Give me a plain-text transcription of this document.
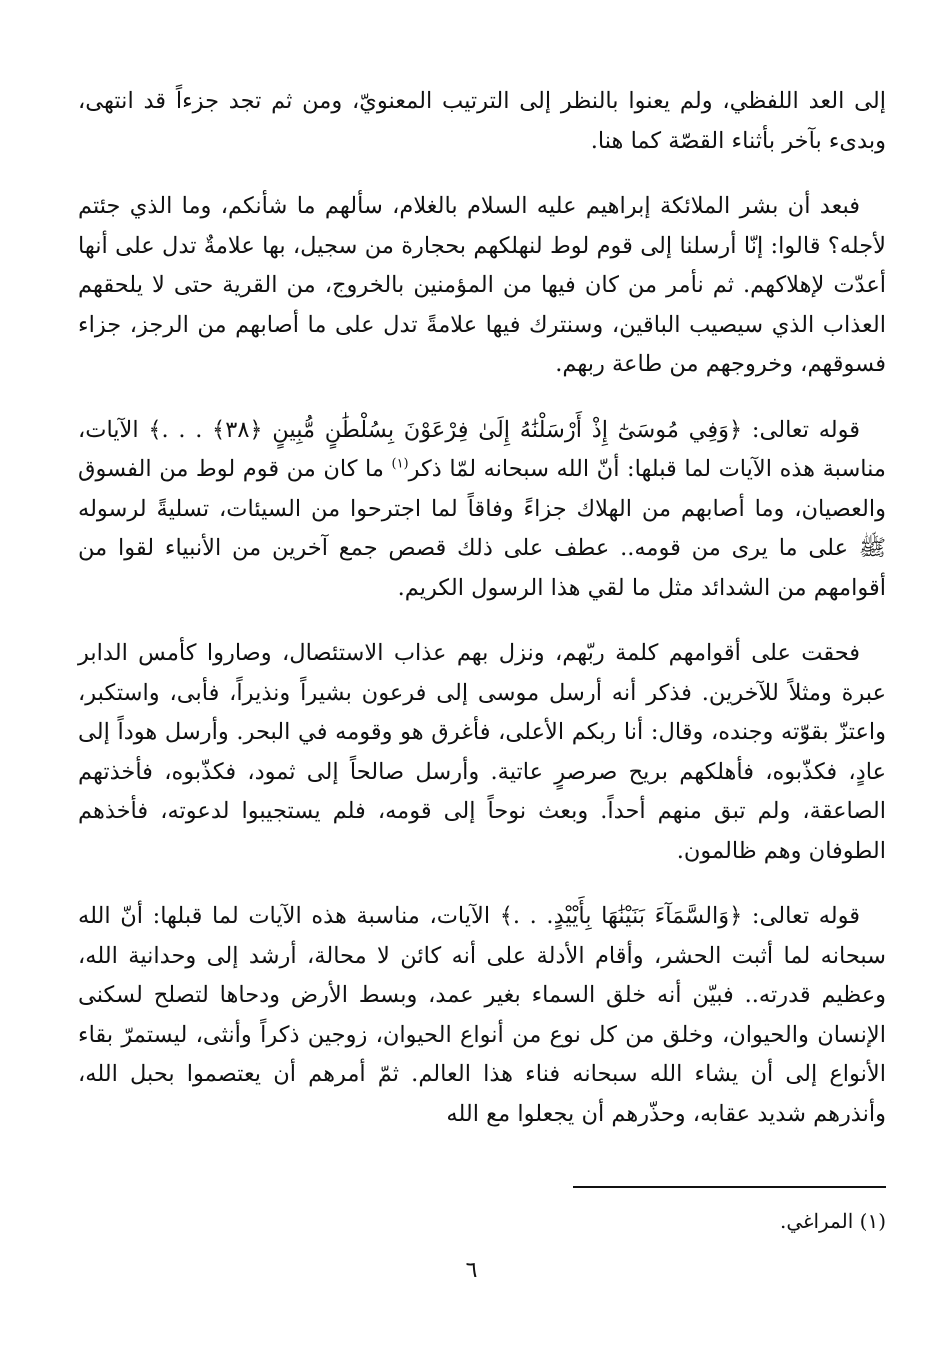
إلى العد اللفظي، ولم يعنوا بالنظر إلى الترتيب المعنويّ، ومن ثم تجد جزءاً قد انتهى، وبدىء بآخر بأثناء القصّة كما هنا.

فبعد أن بشر الملائكة إبراهيم عليه السلام بالغلام، سألهم ما شأنكم، وما الذي جئتم لأجله؟ قالوا: إنّا أرسلنا إلى قوم لوط لنهلكهم بحجارة من سجيل، بها علامةٌ تدل على أنها أعدّت لإهلاكهم. ثم نأمر من كان فيها من المؤمنين بالخروج، من القرية حتى لا يلحقهم العذاب الذي سيصيب الباقين، وسنترك فيها علامةً تدل على ما أصابهم من الرجز، جزاء فسوقهم، وخروجهم من طاعة ربهم.

قوله تعالى: ﴿وَفِي مُوسَىٰٓ إِذْ أَرْسَلْنَٰهُ إِلَىٰ فِرْعَوْنَ بِسُلْطَٰنٍ مُّبِينٍ ﴿٣٨﴾ . . .﴾ الآيات، مناسبة هذه الآيات لما قبلها: أنّ الله سبحانه لمّا ذكر$^{(١)}$ ما كان من قوم لوط من الفسوق والعصيان، وما أصابهم من الهلاك جزاءً وفاقاً لما اجترحوا من السيئات، تسليةً لرسوله ﷺ على ما يرى من قومه.. عطف على ذلك قصص جمع آخرين من الأنبياء لقوا من أقوامهم من الشدائد مثل ما لقي هذا الرسول الكريم.

فحقت على أقوامهم كلمة ربّهم، ونزل بهم عذاب الاستئصال، وصاروا كأمس الدابر عبرة ومثلاً للآخرين. فذكر أنه أرسل موسى إلى فرعون بشيراً ونذيراً، فأبى، واستكبر، واعتزّ بقوّته وجنده، وقال: أنا ربكم الأعلى، فأغرق هو وقومه في البحر. وأرسل هوداً إلى عادٍ، فكذّبوه، فأهلكهم بريح صرصرٍ عاتية. وأرسل صالحاً إلى ثمود، فكذّبوه، فأخذتهم الصاعقة، ولم تبق منهم أحداً. وبعث نوحاً إلى قومه، فلم يستجيبوا لدعوته، فأخذهم الطوفان وهم ظالمون.

قوله تعالى: ﴿وَالسَّمَآءَ بَنَيْنَٰهَا بِأَيْيْدٍ. . .﴾ الآيات، مناسبة هذه الآيات لما قبلها: أنّ الله سبحانه لما أثبت الحشر، وأقام الأدلة على أنه كائن لا محالة، أرشد إلى وحدانية الله، وعظيم قدرته.. فبيّن أنه خلق السماء بغير عمد، وبسط الأرض ودحاها لتصلح لسكنى الإنسان والحيوان، وخلق من كل نوع من أنواع الحيوان، زوجين ذكراً وأنثى، ليستمرّ بقاء الأنواع إلى أن يشاء الله سبحانه فناء هذا العالم. ثمّ أمرهم أن يعتصموا بحبل الله، وأنذرهم شديد عقابه، وحذّرهم أن يجعلوا مع الله

(١) المراغي.
٦
